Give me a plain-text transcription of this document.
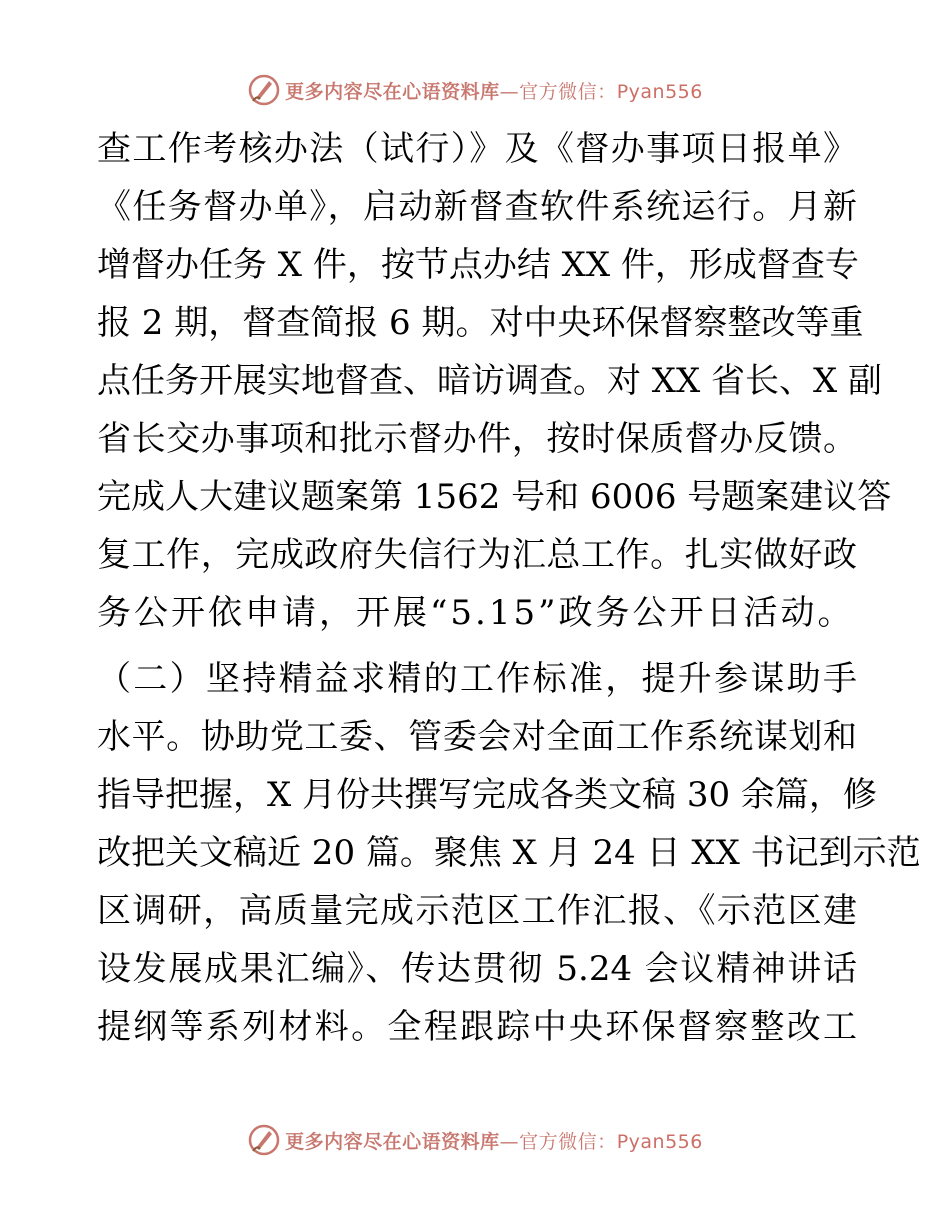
更多内容尽在心语资料库—官方微信：Pyan556
查工作考核办法（试行）》及《督办事项日报单》
《任务督办单》，启动新督查软件系统运行。月新
增督办任务 X 件，按节点办结 XX 件，形成督查专
报 2 期，督查简报 6 期。对中央环保督察整改等重
点任务开展实地督查、暗访调查。对 XX 省长、X 副
省长交办事项和批示督办件，按时保质督办反馈。
完成人大建议题案第 1562 号和 6006 号题案建议答
复工作，完成政府失信行为汇总工作。扎实做好政
务公开依申请，开展“5.15”政务公开日活动。
（二）坚持精益求精的工作标准，提升参谋助手
水平。协助党工委、管委会对全面工作系统谋划和
指导把握，X 月份共撰写完成各类文稿 30 余篇，修
改把关文稿近 20 篇。聚焦 X 月 24 日 XX 书记到示范
区调研，高质量完成示范区工作汇报、《示范区建
设发展成果汇编》、传达贯彻 5.24 会议精神讲话
提纲等系列材料。全程跟踪中央环保督察整改工
更多内容尽在心语资料库—官方微信：Pyan556
